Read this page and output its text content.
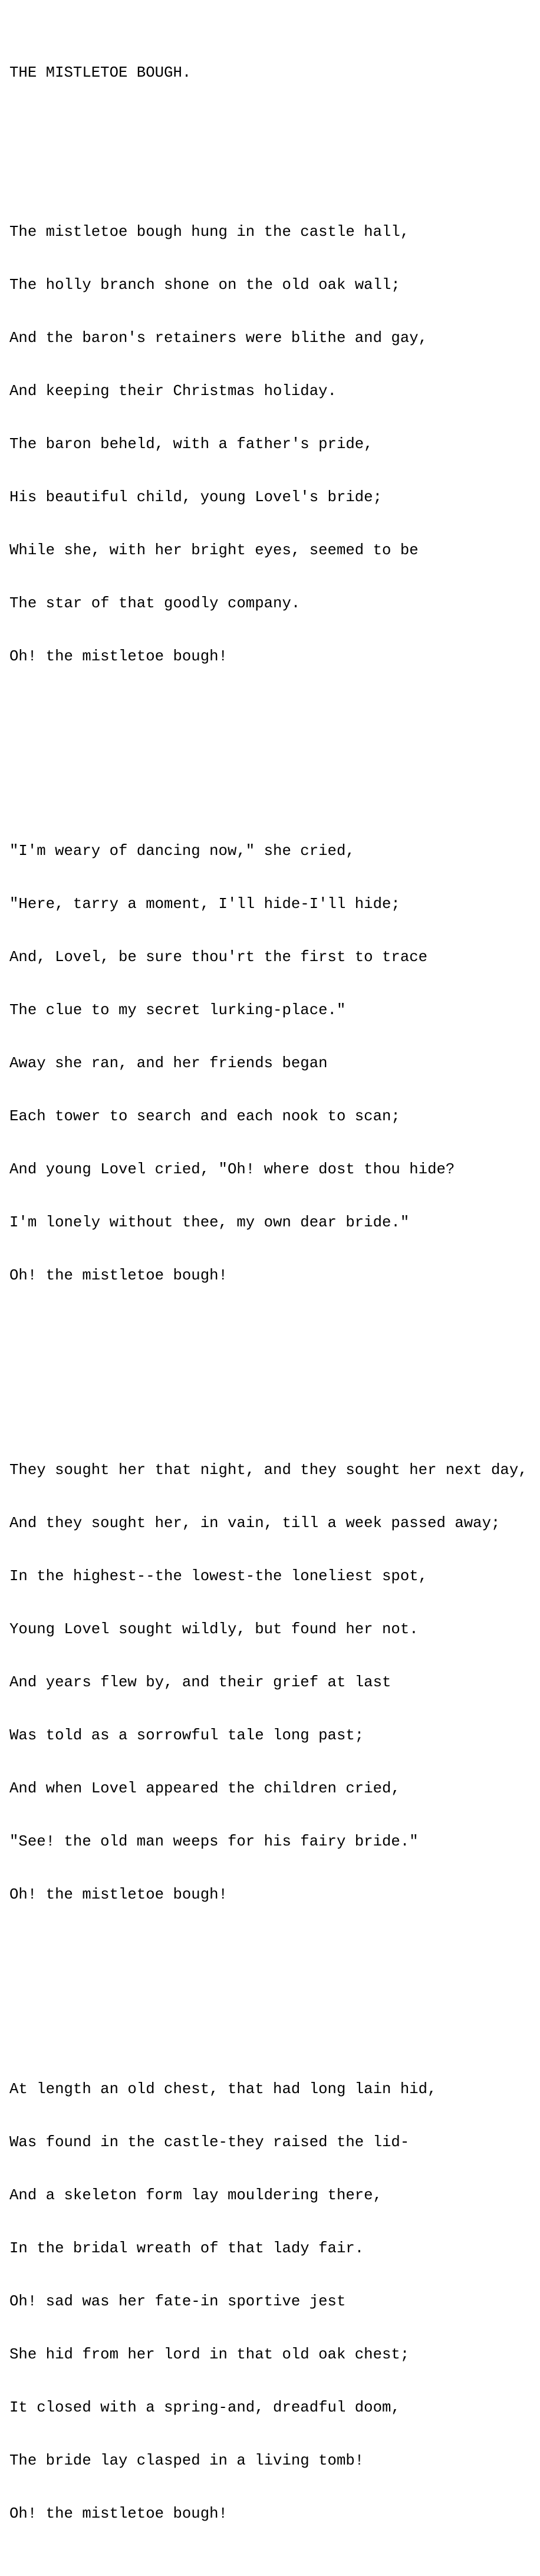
THE MISTLETOE BOUGH.

The mistletoe bough hung in the castle hall,

The holly branch shone on the old oak wall;

And the baron's retainers were blithe and gay,

And keeping their Christmas holiday.

The baron beheld, with a father's pride,

His beautiful child, young Lovel's bride;

While she, with her bright eyes, seemed to be

The star of that goodly company.

Oh! the mistletoe bough!

"I'm weary of dancing now," she cried,

"Here, tarry a moment, I'll hide-I'll hide;

And, Lovel, be sure thou'rt the first to trace

The clue to my secret lurking-place."

Away she ran, and her friends began

Each tower to search and each nook to scan;

And young Lovel cried, "Oh! where dost thou hide?

I'm lonely without thee, my own dear bride."

Oh! the mistletoe bough!

They sought her that night, and they sought her next day,

And they sought her, in vain, till a week passed away;

In the highest--the lowest-the loneliest spot,

Young Lovel sought wildly, but found her not.

And years flew by, and their grief at last

Was told as a sorrowful tale long past;

And when Lovel appeared the children cried,

"See! the old man weeps for his fairy bride."

Oh! the mistletoe bough!

At length an old chest, that had long lain hid,

Was found in the castle-they raised the lid-

And a skeleton form lay mouldering there,

In the bridal wreath of that lady fair.

Oh! sad was her fate-in sportive jest

She hid from her lord in that old oak chest;

It closed with a spring-and, dreadful doom,

The bride lay clasped in a living tomb!

Oh! the mistletoe bough!
